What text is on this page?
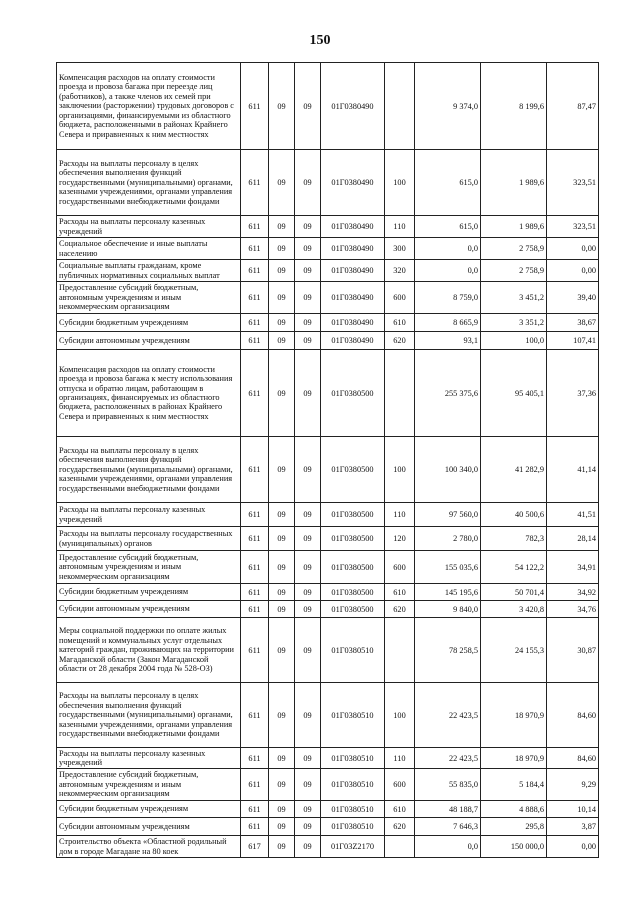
150
Компенсация расходов на оплату стоимости проезда и провоза багажа при переезде лиц (работников), а также членов их семей при заключении (расторжении) трудовых договоров с организациями, финансируемыми из областного бюджета, расположенными в районах Крайнего Севера и приравненных к ним местностях	611	09	09	01Г0380490		9 374,0	8 199,6	87,47
Расходы на выплаты персоналу в целях обеспечения выполнения функций государственными (муниципальными) органами, казенными учреждениями, органами управления государственными внебюджетными фондами	611	09	09	01Г0380490	100	615,0	1 989,6	323,51
Расходы на выплаты персоналу казенных учреждений	611	09	09	01Г0380490	110	615,0	1 989,6	323,51
Социальное обеспечение и иные выплаты населению	611	09	09	01Г0380490	300	0,0	2 758,9	0,00
Социальные выплаты гражданам, кроме публичных нормативных социальных выплат	611	09	09	01Г0380490	320	0,0	2 758,9	0,00
Предоставление субсидий бюджетным, автономным учреждениям и иным некоммерческим организациям	611	09	09	01Г0380490	600	8 759,0	3 451,2	39,40
Субсидии бюджетным учреждениям	611	09	09	01Г0380490	610	8 665,9	3 351,2	38,67
Субсидии автономным учреждениям	611	09	09	01Г0380490	620	93,1	100,0	107,41
Компенсация расходов на оплату стоимости проезда и провоза багажа к месту использования отпуска и обратно лицам, работающим в организациях, финансируемых из областного бюджета, расположенных в районах Крайнего Севера и приравненных к ним местностях	611	09	09	01Г0380500		255 375,6	95 405,1	37,36
Расходы на выплаты персоналу в целях обеспечения выполнения функций государственными (муниципальными) органами, казенными учреждениями, органами управления государственными внебюджетными фондами	611	09	09	01Г0380500	100	100 340,0	41 282,9	41,14
Расходы на выплаты персоналу казенных учреждений	611	09	09	01Г0380500	110	97 560,0	40 500,6	41,51
Расходы на выплаты персоналу государственных (муниципальных) органов	611	09	09	01Г0380500	120	2 780,0	782,3	28,14
Предоставление субсидий бюджетным, автономным учреждениям и иным некоммерческим организациям	611	09	09	01Г0380500	600	155 035,6	54 122,2	34,91
Субсидии бюджетным учреждениям	611	09	09	01Г0380500	610	145 195,6	50 701,4	34,92
Субсидии автономным учреждениям	611	09	09	01Г0380500	620	9 840,0	3 420,8	34,76
Меры социальной поддержки по оплате жилых помещений и коммунальных услуг отдельных категорий граждан, проживающих на территории Магаданской области (Закон Магаданской области от 28 декабря 2004 года № 528-ОЗ)	611	09	09	01Г0380510		78 258,5	24 155,3	30,87
Расходы на выплаты персоналу в целях обеспечения выполнения функций государственными (муниципальными) органами, казенными учреждениями, органами управления государственными внебюджетными фондами	611	09	09	01Г0380510	100	22 423,5	18 970,9	84,60
Расходы на выплаты персоналу казенных учреждений	611	09	09	01Г0380510	110	22 423,5	18 970,9	84,60
Предоставление субсидий бюджетным, автономным учреждениям и иным некоммерческим организациям	611	09	09	01Г0380510	600	55 835,0	5 184,4	9,29
Субсидии бюджетным учреждениям	611	09	09	01Г0380510	610	48 188,7	4 888,6	10,14
Субсидии автономным учреждениям	611	09	09	01Г0380510	620	7 646,3	295,8	3,87
Строительство объекта «Областной родильный дом в городе Магадане на 80 коек	617	09	09	01Г03Z2170		0,0	150 000,0	0,00
